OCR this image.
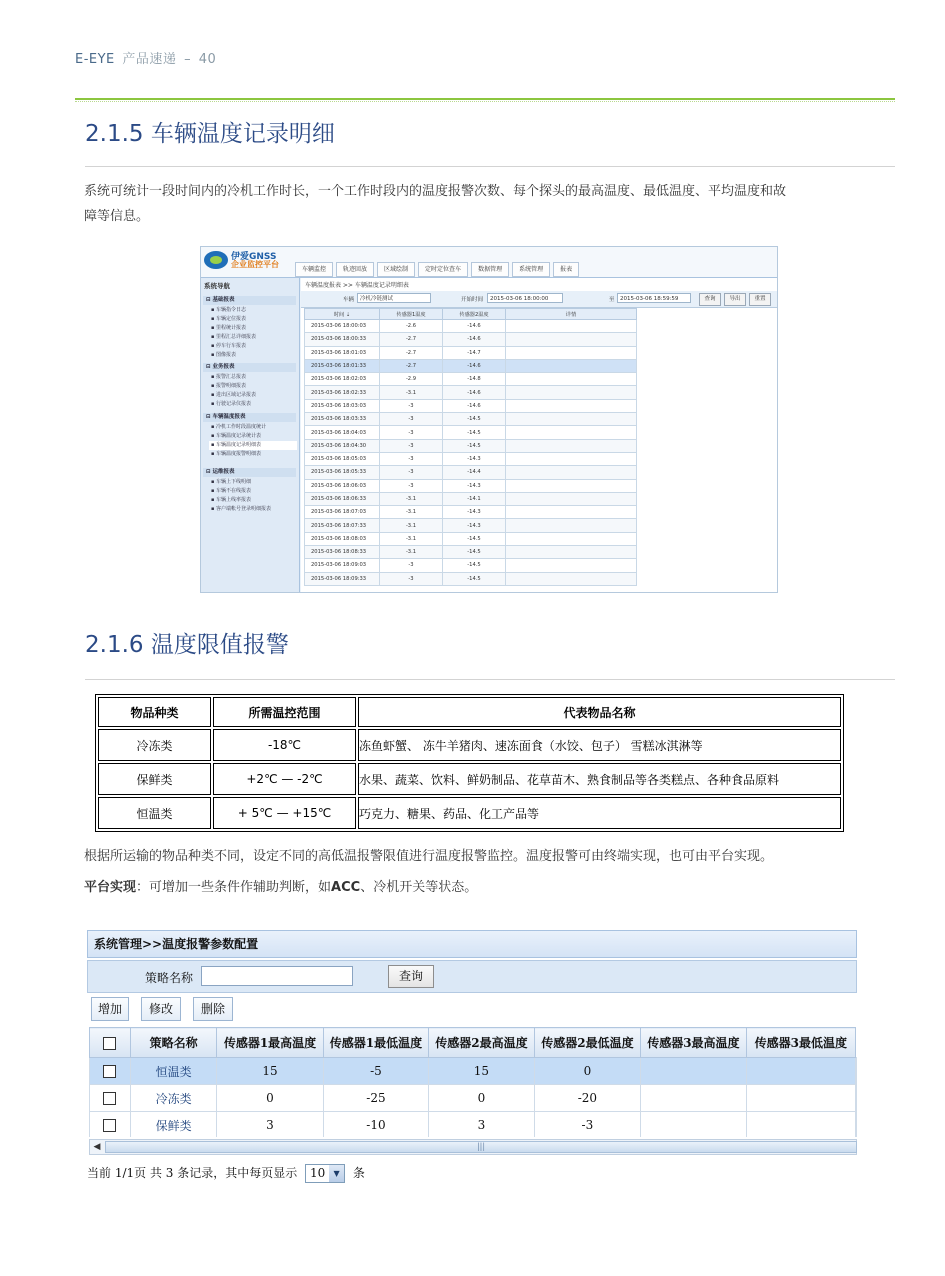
E-EYE 产品速递 – 40
2.1.5 车辆温度记录明细
系统可统计一段时间内的冷机工作时长，一个工作时段内的温度报警次数、每个探头的最高温度、最低温度、平均温度和故
障等信息。
伊爱GNSS
企业监控平台
车辆监控	轨迹回放	区域绘制	定时定位查车	数据管理	系统管理	报表
系统导航
⊟ 基础报表
▪ 车辆指令日志
▪ 车辆定位报表
▪ 里程统计报表
▪ 里程汇总详细报表
▪ 停车行车报表
▪ 图像报表
⊟ 业务报表
▪ 报警汇总报表
▪ 报警明细报表
▪ 进出区域记录报表
▪ 行驶记录仪报表
⊟ 车辆温度报表
▪ 冷机工作时段温度统计
▪ 车辆温度记录统计表
▪ 车辆温度记录明细表
▪ 车辆温度报警明细表
⊟ 运维报表
▪ 车辆上下线明细
▪ 车辆不在线报表
▪ 车辆上线率报表
▪ 客户端帐号登录明细报表
车辆温度报表 >> 车辆温度记录明细表
车辆	冷机冷链测试	开始时间	2015-03-06 18:00:00	至 2015-03-06 18:59:59	查询	导出	重置
时间 ⇣	传感器1温度	传感器2温度	详情
2015-03-06 18:00:03	-2.6	-14.6	
2015-03-06 18:00:33	-2.7	-14.6	
2015-03-06 18:01:03	-2.7	-14.7	
2015-03-06 18:01:33	-2.7	-14.6	
2015-03-06 18:02:03	-2.9	-14.8	
2015-03-06 18:02:33	-3.1	-14.6	
2015-03-06 18:03:03	-3	-14.6	
2015-03-06 18:03:33	-3	-14.5	
2015-03-06 18:04:03	-3	-14.5	
2015-03-06 18:04:30	-3	-14.5	
2015-03-06 18:05:03	-3	-14.3	
2015-03-06 18:05:33	-3	-14.4	
2015-03-06 18:06:03	-3	-14.3	
2015-03-06 18:06:33	-3.1	-14.1	
2015-03-06 18:07:03	-3.1	-14.3	
2015-03-06 18:07:33	-3.1	-14.3	
2015-03-06 18:08:03	-3.1	-14.5	
2015-03-06 18:08:33	-3.1	-14.5	
2015-03-06 18:09:03	-3	-14.5	
2015-03-06 18:09:33	-3	-14.5	
2.1.6 温度限值报警
物品种类	所需温控范围	代表物品名称
冷冻类	-18℃	冻鱼虾蟹、 冻牛羊猪肉、速冻面食（水饺、包子） 雪糕冰淇淋等
保鲜类	+2℃ — -2℃	水果、蔬菜、饮料、鲜奶制品、花草苗木、熟食制品等各类糕点、各种食品原料
恒温类	+ 5℃ — +15℃	巧克力、糖果、药品、化工产品等
根据所运输的物品种类不同，设定不同的高低温报警限值进行温度报警监控。温度报警可由终端实现，也可由平台实现。
平台实现：可增加一些条件作辅助判断，如ACC、冷机开关等状态。
系统管理>>温度报警参数配置
策略名称	查询
增加	修改	删除
	策略名称	传感器1最高温度	传感器1最低温度	传感器2最高温度	传感器2最低温度	传感器3最高温度	传感器3最低温度	
	恒温类	15	-5	15	0			
	冷冻类	0	-25	0	-20			
	保鲜类	3	-10	3	-3			
◀	|||
当前 1/1页 共 3 条记录，其中每页显示 10	▼	条
